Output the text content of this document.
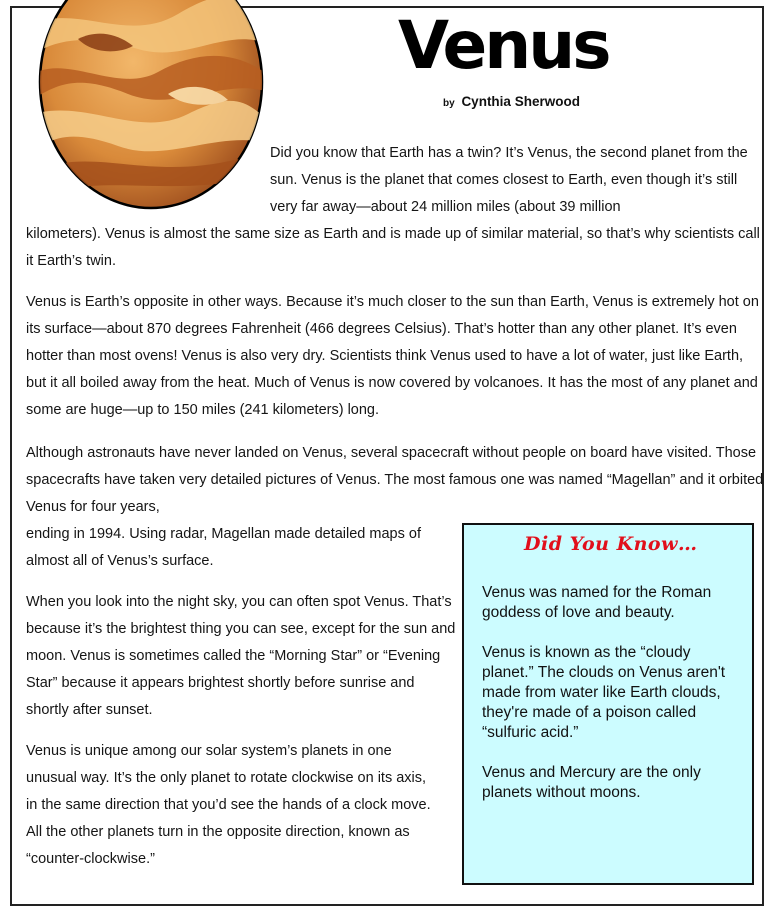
Venus
by Cynthia Sherwood

Did you know that Earth has a twin? It’s Venus, the second planet from the sun. Venus is the planet that comes closest to Earth, even though it’s still very far away—about 24 million miles (about 39 million
kilometers). Venus is almost the same size as Earth and is made up of similar material, so that’s why scientists call it Earth’s twin.

Venus is Earth’s opposite in other ways. Because it’s much closer to the sun than Earth, Venus is extremely hot on its surface—about 870 degrees Fahrenheit (466 degrees Celsius). That’s hotter than any other planet. It’s even hotter than most ovens! Venus is also very dry. Scientists think Venus used to have a lot of water, just like Earth, but it all boiled away from the heat. Much of Venus is now covered by volcanoes. It has the most of any planet and some are huge—up to 150 miles (241 kilometers) long.

Although astronauts have never landed on Venus, several spacecraft without people on board have visited. Those spacecrafts have taken very detailed pictures of Venus. The most famous one was named “Magellan” and it orbited Venus for four years,

ending in 1994. Using radar, Magellan made detailed maps of almost all of Venus’s surface.

When you look into the night sky, you can often spot Venus. That’s because it’s the brightest thing you can see, except for the sun and moon. Venus is sometimes called the “Morning Star” or “Evening Star” because it appears brightest shortly before sunrise and shortly after sunset.

Venus is unique among our solar system’s planets in one unusual way. It’s the only planet to rotate clockwise on its axis, in the same direction that you’d see the hands of a clock move. All the other planets turn in the opposite direction, known as “counter-clockwise.”

Did You Know…

Venus was named for the Roman goddess of love and beauty.

Venus is known as the “cloudy planet.” The clouds on Venus aren't made from water like Earth clouds, they're made of a poison called “sulfuric acid.”

Venus and Mercury are the only planets without moons.
